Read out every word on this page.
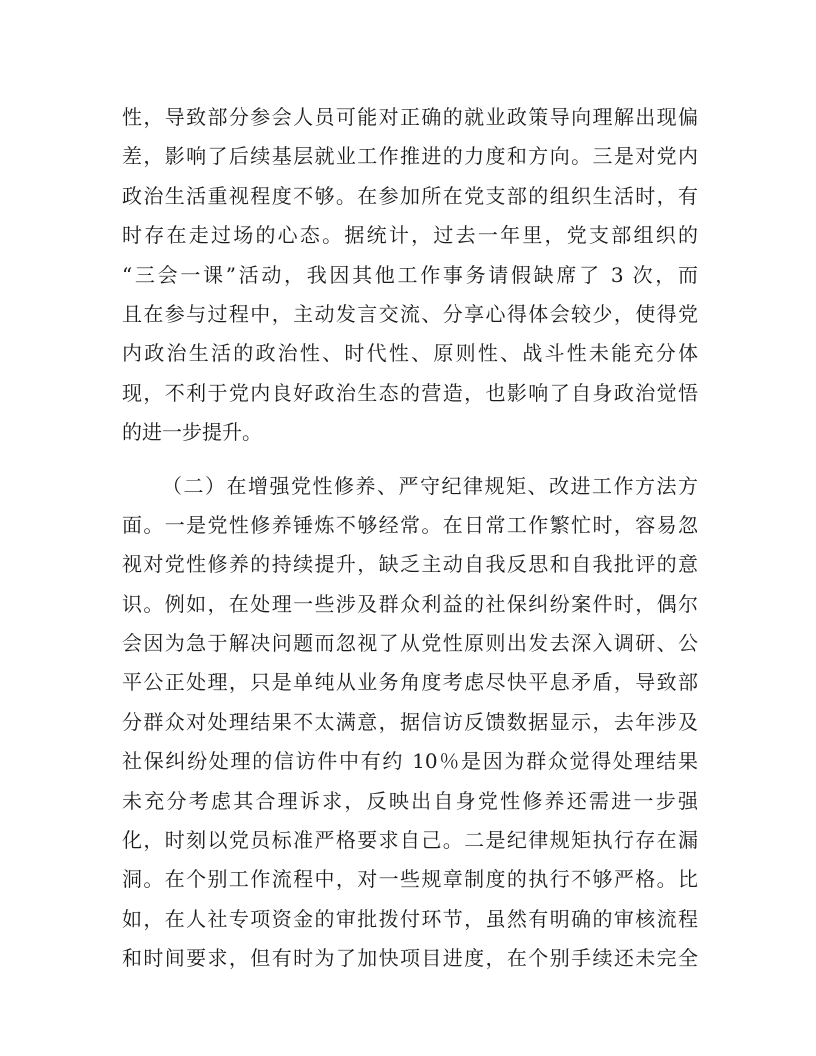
性，导致部分参会人员可能对正确的就业政策导向理解出现偏
差，影响了后续基层就业工作推进的力度和方向。三是对党内
政治生活重视程度不够。在参加所在党支部的组织生活时，有
时存在走过场的心态。据统计，过去一年里，党支部组织的
“三会一课”活动，我因其他工作事务请假缺席了 3 次，而
且在参与过程中，主动发言交流、分享心得体会较少，使得党
内政治生活的政治性、时代性、原则性、战斗性未能充分体
现，不利于党内良好政治生态的营造，也影响了自身政治觉悟
的进一步提升。
（二）在增强党性修养、严守纪律规矩、改进工作方法方
面。一是党性修养锤炼不够经常。在日常工作繁忙时，容易忽
视对党性修养的持续提升，缺乏主动自我反思和自我批评的意
识。例如，在处理一些涉及群众利益的社保纠纷案件时，偶尔
会因为急于解决问题而忽视了从党性原则出发去深入调研、公
平公正处理，只是单纯从业务角度考虑尽快平息矛盾，导致部
分群众对处理结果不太满意，据信访反馈数据显示，去年涉及
社保纠纷处理的信访件中有约 10％是因为群众觉得处理结果
未充分考虑其合理诉求，反映出自身党性修养还需进一步强
化，时刻以党员标准严格要求自己。二是纪律规矩执行存在漏
洞。在个别工作流程中，对一些规章制度的执行不够严格。比
如，在人社专项资金的审批拨付环节，虽然有明确的审核流程
和时间要求，但有时为了加快项目进度，在个别手续还未完全
